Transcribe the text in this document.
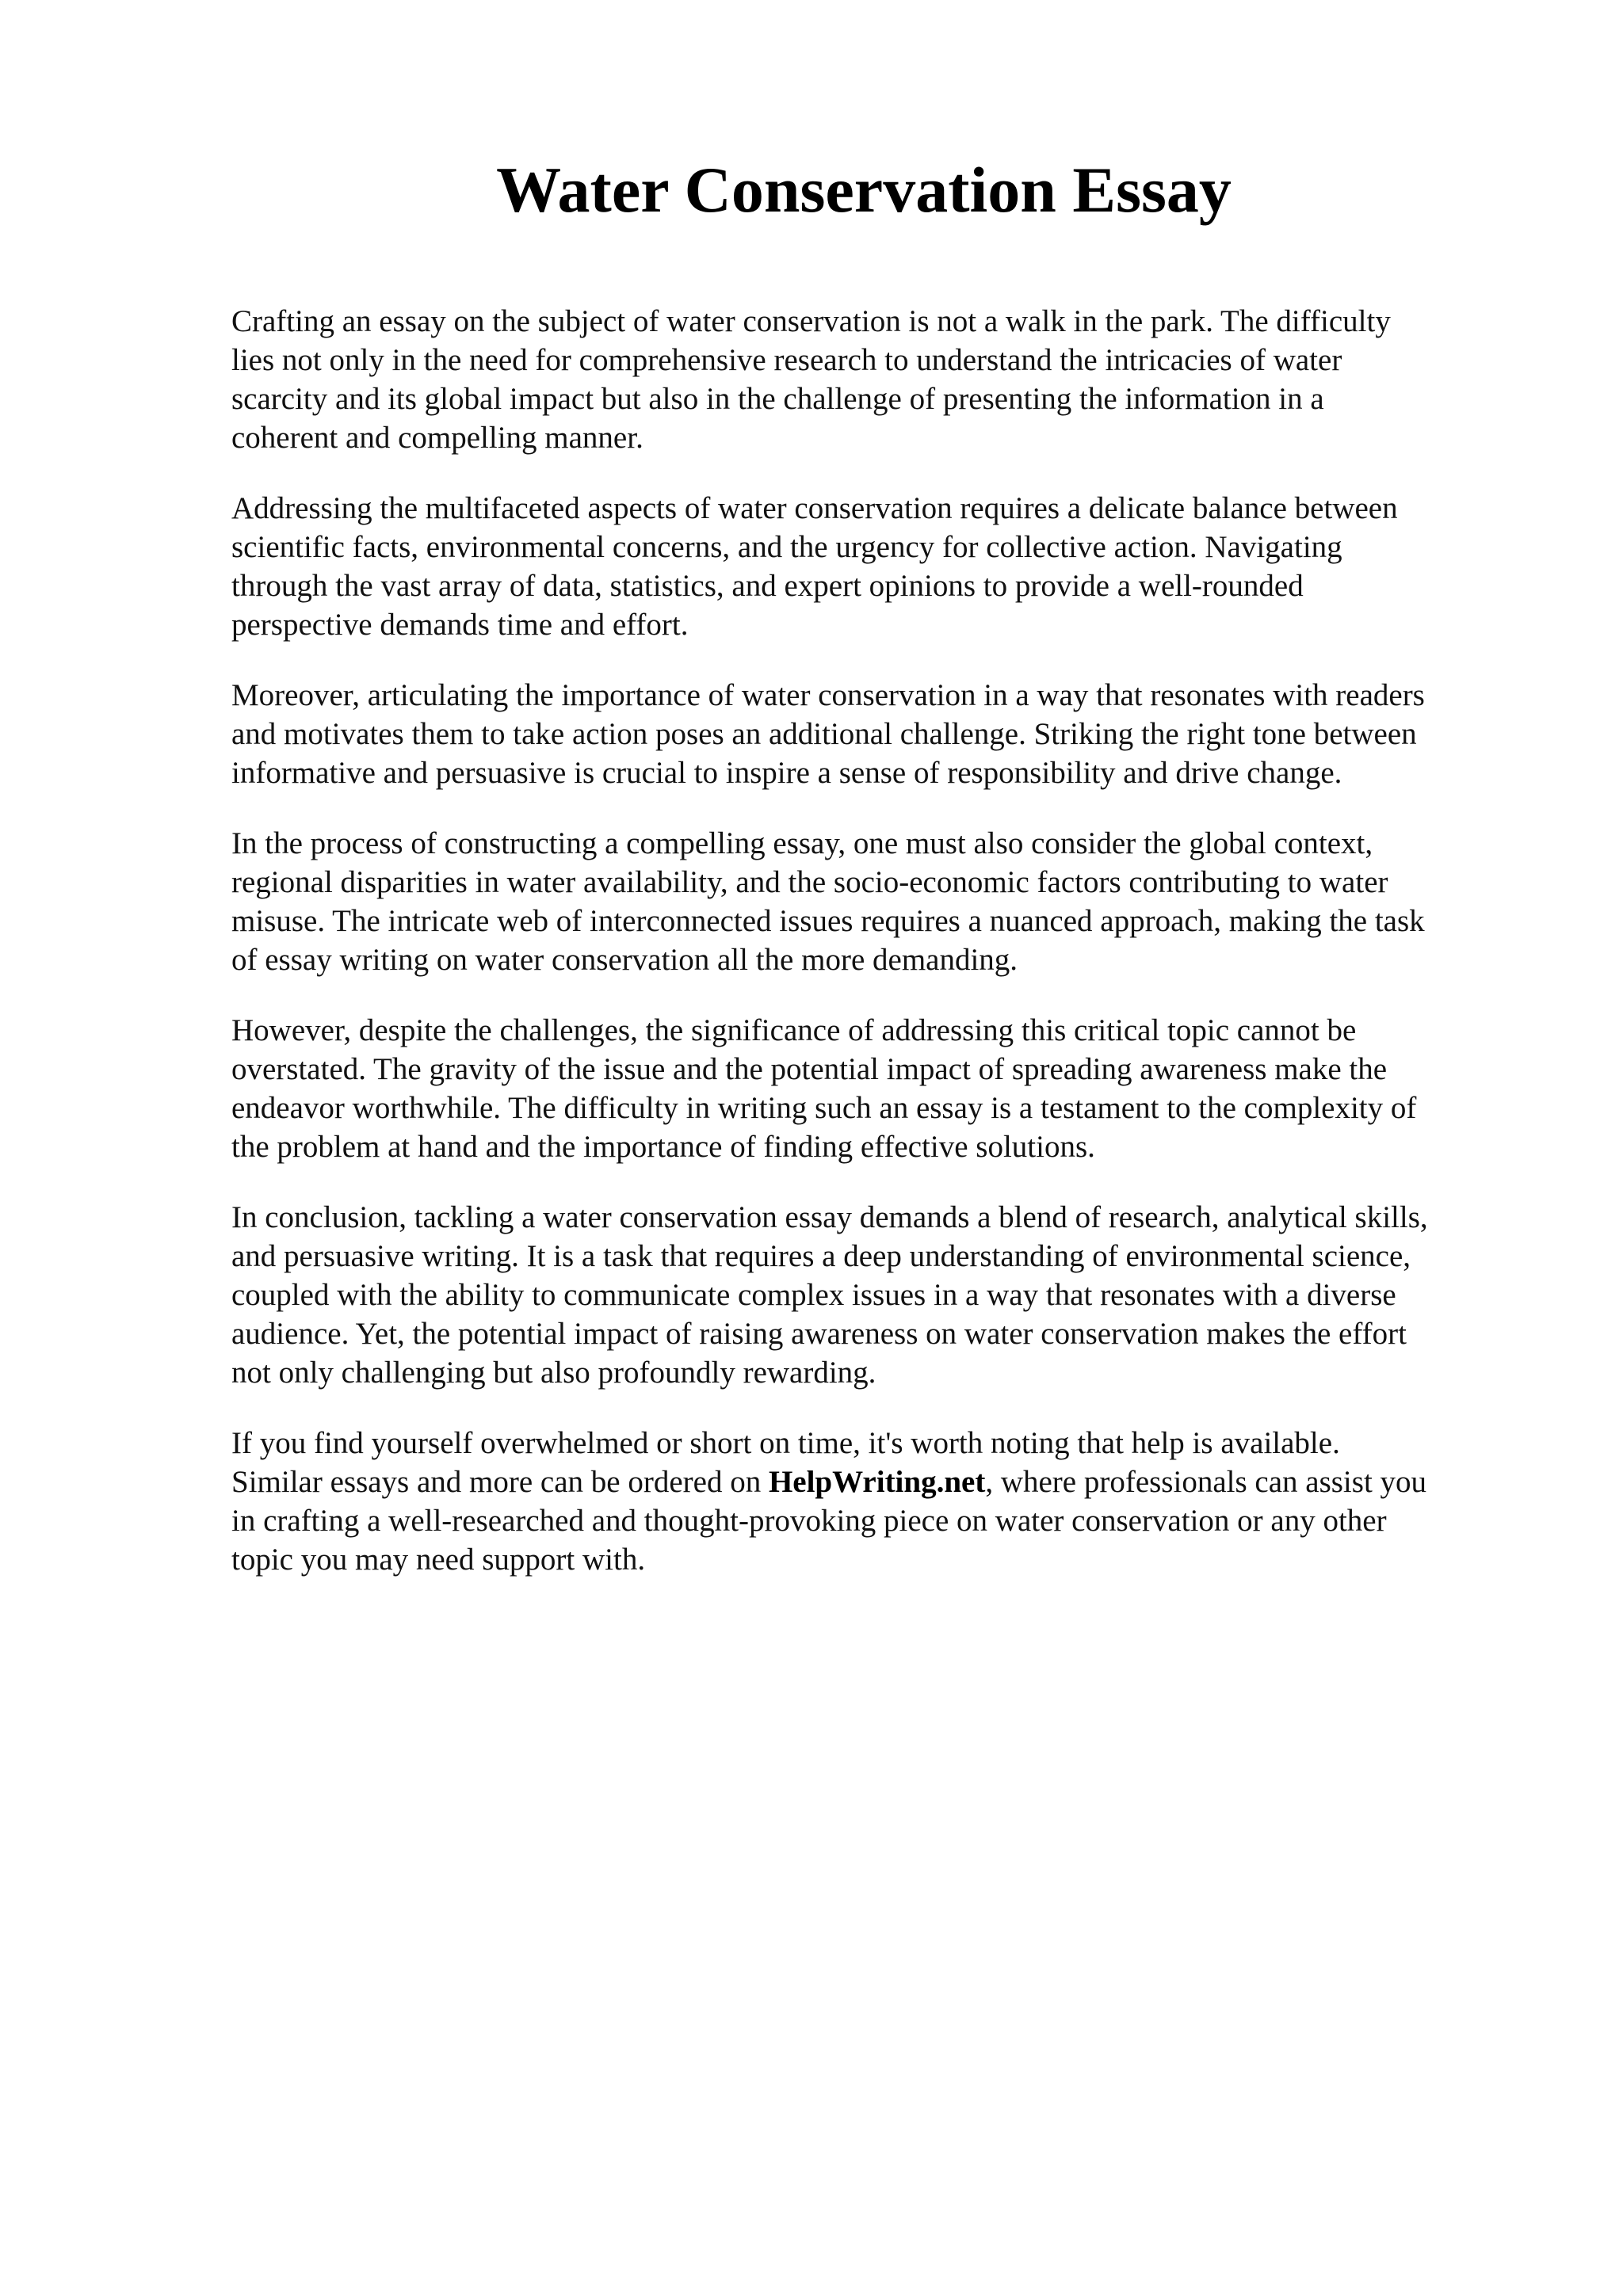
Water Conservation Essay

Crafting an essay on the subject of water conservation is not a walk in the park. The difficulty
lies not only in the need for comprehensive research to understand the intricacies of water
scarcity and its global impact but also in the challenge of presenting the information in a
coherent and compelling manner.

Addressing the multifaceted aspects of water conservation requires a delicate balance between
scientific facts, environmental concerns, and the urgency for collective action. Navigating
through the vast array of data, statistics, and expert opinions to provide a well-rounded
perspective demands time and effort.

Moreover, articulating the importance of water conservation in a way that resonates with readers
and motivates them to take action poses an additional challenge. Striking the right tone between
informative and persuasive is crucial to inspire a sense of responsibility and drive change.

In the process of constructing a compelling essay, one must also consider the global context,
regional disparities in water availability, and the socio-economic factors contributing to water
misuse. The intricate web of interconnected issues requires a nuanced approach, making the task
of essay writing on water conservation all the more demanding.

However, despite the challenges, the significance of addressing this critical topic cannot be
overstated. The gravity of the issue and the potential impact of spreading awareness make the
endeavor worthwhile. The difficulty in writing such an essay is a testament to the complexity of
the problem at hand and the importance of finding effective solutions.

In conclusion, tackling a water conservation essay demands a blend of research, analytical skills,
and persuasive writing. It is a task that requires a deep understanding of environmental science,
coupled with the ability to communicate complex issues in a way that resonates with a diverse
audience. Yet, the potential impact of raising awareness on water conservation makes the effort
not only challenging but also profoundly rewarding.

If you find yourself overwhelmed or short on time, it's worth noting that help is available.
Similar essays and more can be ordered on HelpWriting.net, where professionals can assist you
in crafting a well-researched and thought-provoking piece on water conservation or any other
topic you may need support with.
